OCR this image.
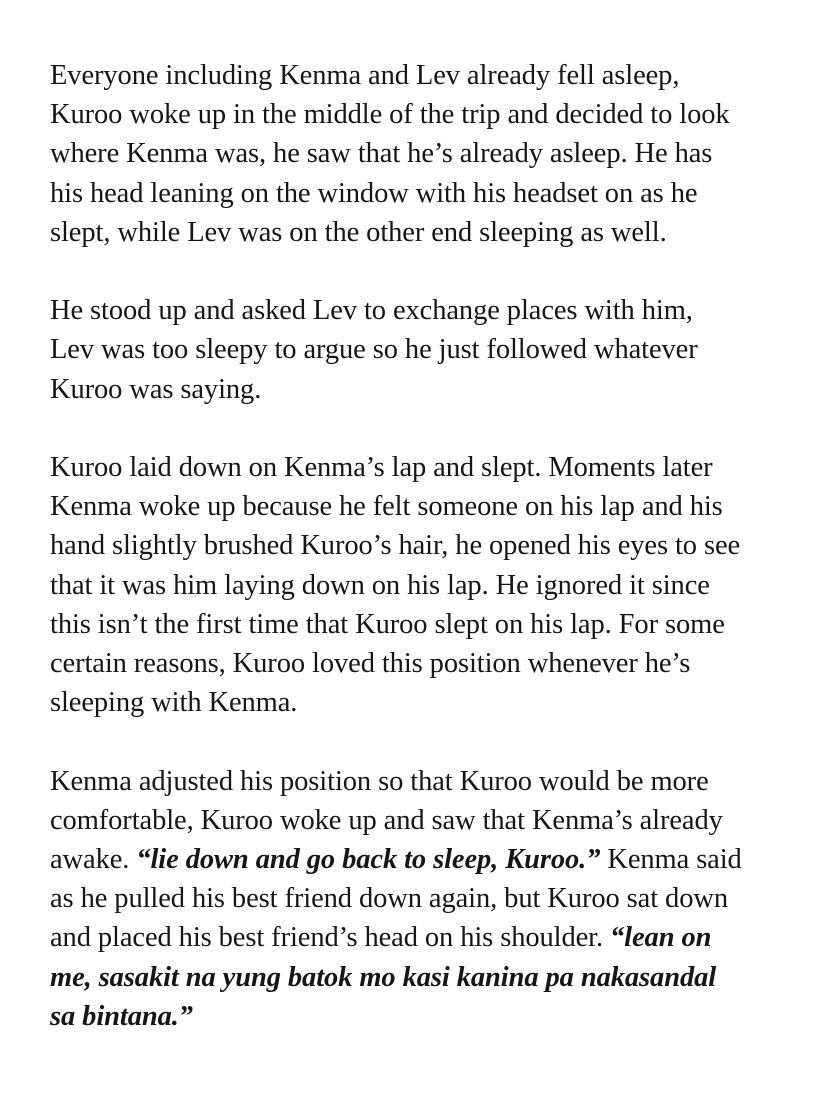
Everyone including Kenma and Lev already fell asleep,
Kuroo woke up in the middle of the trip and decided to look
where Kenma was, he saw that he’s already asleep. He has
his head leaning on the window with his headset on as he
slept, while Lev was on the other end sleeping as well.

He stood up and asked Lev to exchange places with him,
Lev was too sleepy to argue so he just followed whatever
Kuroo was saying.

Kuroo laid down on Kenma’s lap and slept. Moments later
Kenma woke up because he felt someone on his lap and his
hand slightly brushed Kuroo’s hair, he opened his eyes to see
that it was him laying down on his lap. He ignored it since
this isn’t the first time that Kuroo slept on his lap. For some
certain reasons, Kuroo loved this position whenever he’s
sleeping with Kenma.

Kenma adjusted his position so that Kuroo would be more
comfortable, Kuroo woke up and saw that Kenma’s already
awake. “lie down and go back to sleep, Kuroo.” Kenma said
as he pulled his best friend down again, but Kuroo sat down
and placed his best friend’s head on his shoulder. “lean on
me, sasakit na yung batok mo kasi kanina pa nakasandal
sa bintana.”
